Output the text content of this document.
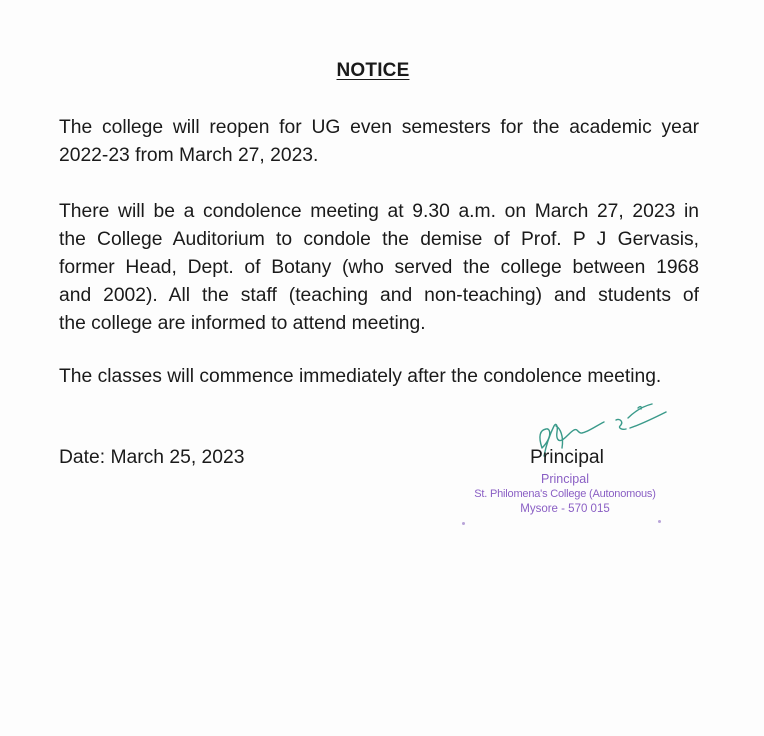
NOTICE

The college will reopen for UG even semesters for the academic year
2022-23 from March 27, 2023.

There will be a condolence meeting at 9.30 a.m. on March 27, 2023 in
the College Auditorium to condole the demise of Prof. P J Gervasis,
former Head, Dept. of Botany (who served the college between 1968
and 2002). All the staff (teaching and non-teaching) and students of
the college are informed to attend meeting.

The classes will commence immediately after the condolence meeting.

Date: March 25, 2023	Principal
Principal
St. Philomena's College (Autonomous)
Mysore - 570 015
